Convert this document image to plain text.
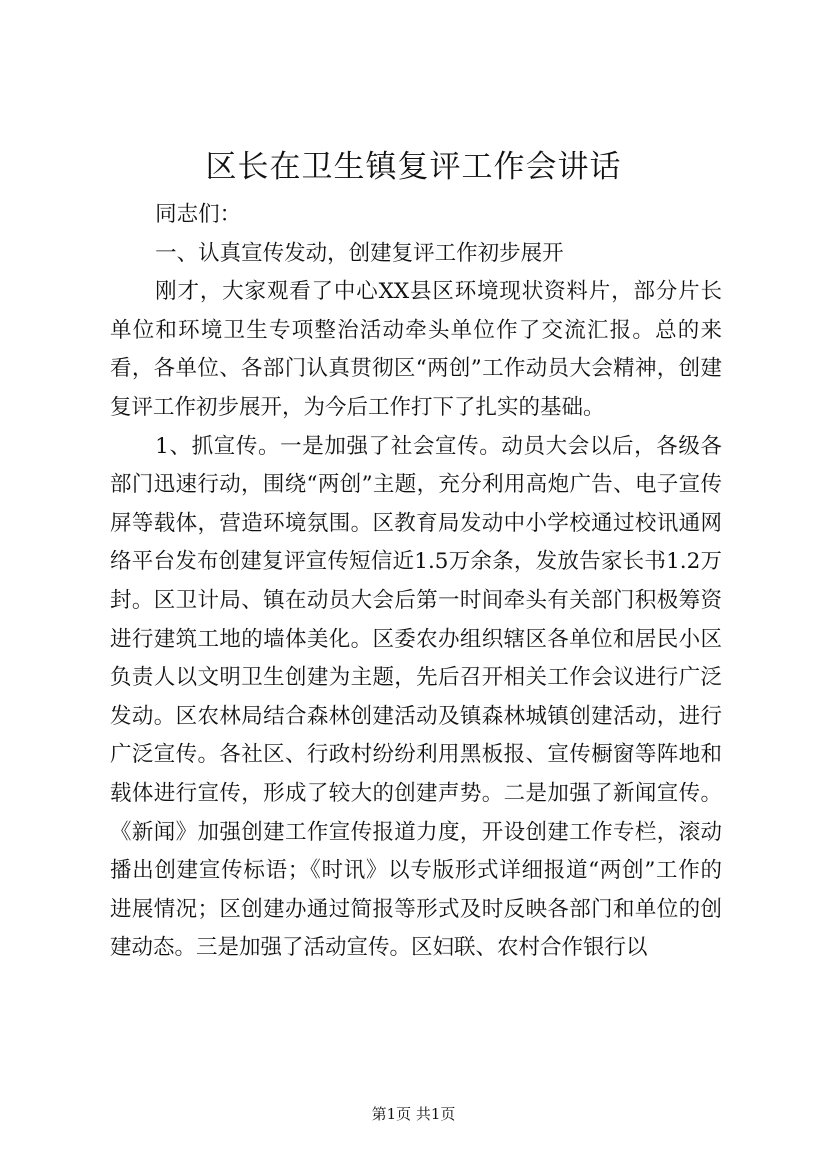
区长在卫生镇复评工作会讲话

同志们：

一、认真宣传发动，创建复评工作初步展开

刚才，大家观看了中心XX县区环境现状资料片，部分片长单位和环境卫生专项整治活动牵头单位作了交流汇报。总的来看，各单位、各部门认真贯彻区“两创”工作动员大会精神，创建复评工作初步展开，为今后工作打下了扎实的基础。

1、抓宣传。一是加强了社会宣传。动员大会以后，各级各部门迅速行动，围绕“两创”主题，充分利用高炮广告、电子宣传屏等载体，营造环境氛围。区教育局发动中小学校通过校讯通网络平台发布创建复评宣传短信近1.5万余条，发放告家长书1.2万封。区卫计局、镇在动员大会后第一时间牵头有关部门积极筹资进行建筑工地的墙体美化。区委农办组织辖区各单位和居民小区负责人以文明卫生创建为主题，先后召开相关工作会议进行广泛发动。区农林局结合森林创建活动及镇森林城镇创建活动，进行广泛宣传。各社区、行政村纷纷利用黑板报、宣传橱窗等阵地和载体进行宣传，形成了较大的创建声势。二是加强了新闻宣传。《新闻》加强创建工作宣传报道力度，开设创建工作专栏，滚动播出创建宣传标语；《时讯》以专版形式详细报道“两创”工作的进展情况；区创建办通过简报等形式及时反映各部门和单位的创建动态。三是加强了活动宣传。区妇联、农村合作银行以

第1页 共1页
